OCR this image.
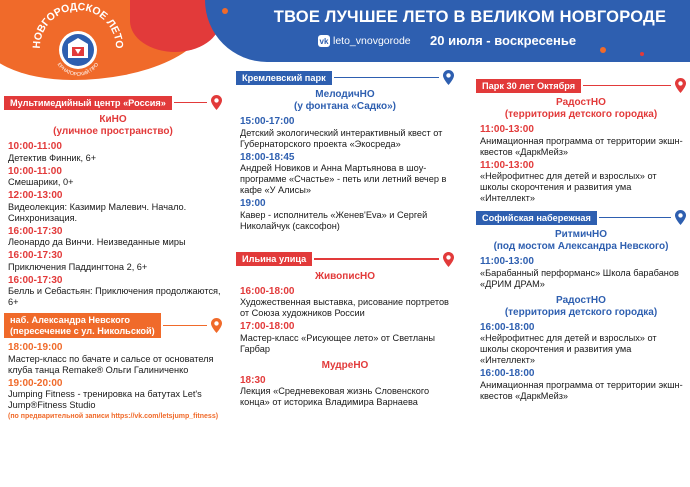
НОВГОРОДСКОЕ ЛЕТО
ЕРНАТОРСКИЙ ПРО
ТВОЕ ЛУЧШЕЕ ЛЕТО В ВЕЛИКОМ НОВГОРОДЕ
vk leto_vnovgorode 20 июля - воскресенье
Мультимедийный центр «Россия»
КиНО
(уличное пространство)
10:00-11:00
Детектив Финник, 6+
10:00-11:00
Смешарики, 0+
12:00-13:00
Видеолекция: Казимир Малевич. Начало. Синхронизация.
16:00-17:30
Леонардо да Винчи. Неизведанные миры
16:00-17:30
Приключения Паддингтона 2, 6+
16:00-17:30
Белль и Себастьян: Приключения продолжаются, 6+
наб. Александра Невского
(пересечение с ул. Никольской)
18:00-19:00
Мастер-класс по бачате и сальсе от основателя клуба танца Remake® Ольги Галиниченко
19:00-20:00
Jumping Fitness - тренировка на батутах Let's Jump®Fitness Studio
(по предварительной записи https://vk.com/letsjump_fitness)
Кремлевский парк
МелодичНО
(у фонтана «Садко»)
15:00-17:00
Детский экологический интерактивный квест от Губернаторского проекта «Экосреда»
18:00-18:45
Андрей Новиков и Анна Мартьянова в шоу-программе «Счастье» - петь или летний вечер в кафе «У Алисы»
19:00
Кавер - исполнитель «Женев'Eva» и Сергей Николайчук (саксофон)
Ильина улица
ЖивописНО
16:00-18:00
Художественная выставка, рисование портретов от Союза художников России
17:00-18:00
Мастер-класс «Рисующее лето» от Светланы Гарбар
МудреНО
18:30
Лекция «Средневековая жизнь Словенского конца» от историка Владимира Варнаева
Парк 30 лет Октября
РадостНО
(территория детского городка)
11:00-13:00
Анимационная программа от территории экшн-квестов «ДаркМейз»
11:00-13:00
«Нейрофитнес для детей и взрослых» от школы скорочтения и развития ума «Интеллект»
Софийская набережная
РитмичНО
(под мостом Александра Невского)
11:00-13:00
«Барабанный перформанс» Школа барабанов «ДРИМ ДРАМ»
РадостНО
(территория детского городка)
16:00-18:00
«Нейрофитнес для детей и взрослых» от школы скорочтения и развития ума «Интеллект»
16:00-18:00
Анимационная программа от территории экшн-квестов «ДаркМейз»
